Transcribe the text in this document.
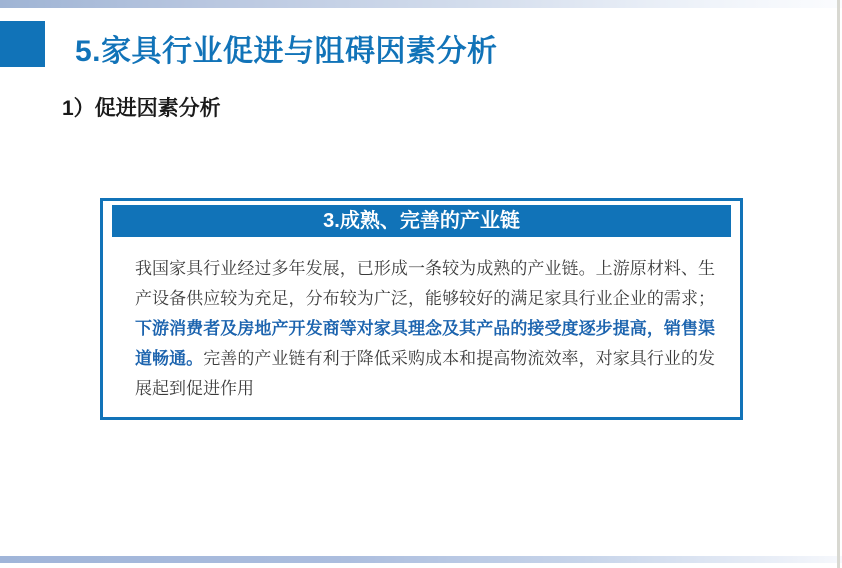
5.家具行业促进与阻碍因素分析
1）促进因素分析
3.成熟、完善的产业链
我国家具行业经过多年发展，已形成一条较为成熟的产业链。上游原材料、生产设备供应较为充足，分布较为广泛，能够较好的满足家具行业企业的需求；下游消费者及房地产开发商等对家具理念及其产品的接受度逐步提高，销售渠道畅通。完善的产业链有利于降低采购成本和提高物流效率，对家具行业的发展起到促进作用
